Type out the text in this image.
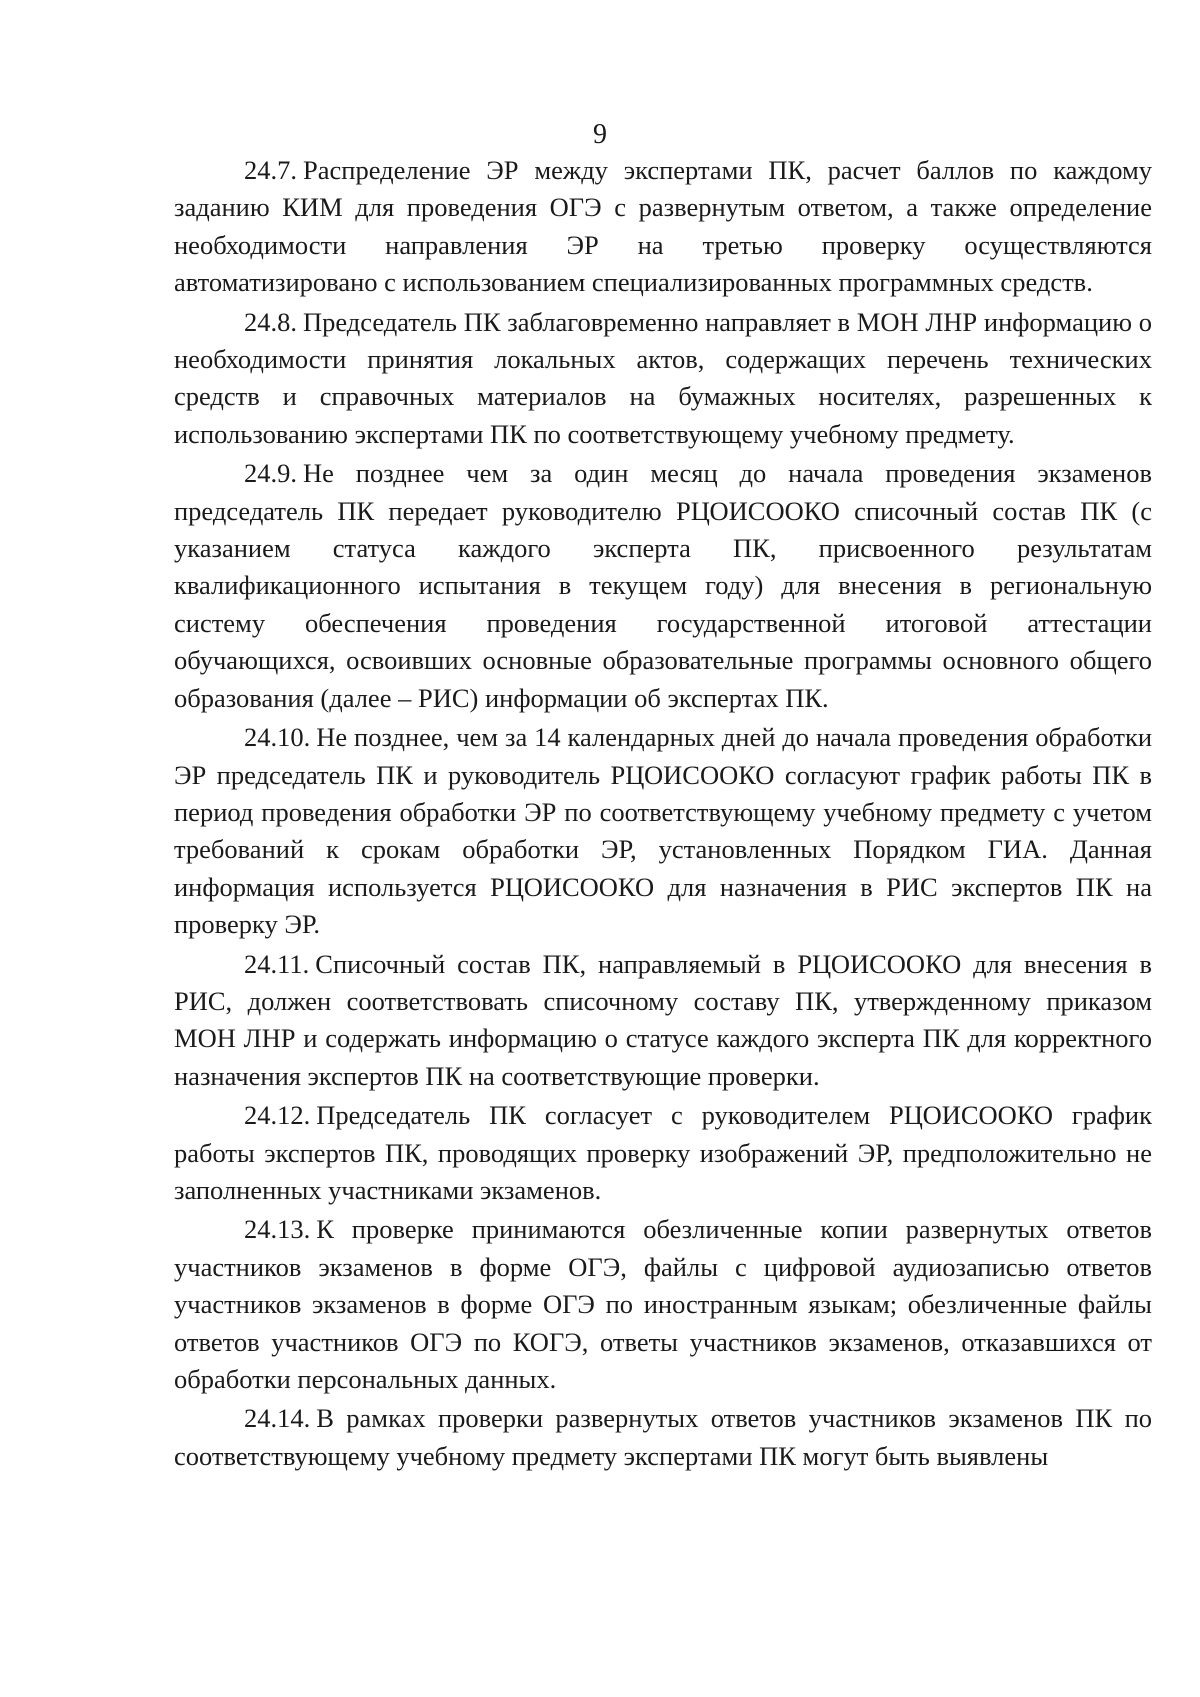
9

24.7. Распределение ЭР между экспертами ПК, расчет баллов по каждому заданию КИМ для проведения ОГЭ с развернутым ответом, а также определение необходимости направления ЭР на третью проверку осуществляются автоматизировано с использованием специализированных программных средств.

24.8. Председатель ПК заблаговременно направляет в МОН ЛНР информацию о необходимости принятия локальных актов, содержащих перечень технических средств и справочных материалов на бумажных носителях, разрешенных к использованию экспертами ПК по соответствующему учебному предмету.

24.9. Не позднее чем за один месяц до начала проведения экзаменов председатель ПК передает руководителю РЦОИСООКО списочный состав ПК (с указанием статуса каждого эксперта ПК, присвоенного результатам квалификационного испытания в текущем году) для внесения в региональную систему обеспечения проведения государственной итоговой аттестации обучающихся, освоивших основные образовательные программы основного общего образования (далее – РИС) информации об экспертах ПК.

24.10. Не позднее, чем за 14 календарных дней до начала проведения обработки ЭР председатель ПК и руководитель РЦОИСООКО согласуют график работы ПК в период проведения обработки ЭР по соответствующему учебному предмету с учетом требований к срокам обработки ЭР, установленных Порядком ГИА. Данная информация используется РЦОИСООКО для назначения в РИС экспертов ПК на проверку ЭР.

24.11. Списочный состав ПК, направляемый в РЦОИСООКО для внесения в РИС, должен соответствовать списочному составу ПК, утвержденному приказом МОН ЛНР и содержать информацию о статусе каждого эксперта ПК для корректного назначения экспертов ПК на соответствующие проверки.

24.12. Председатель ПК согласует с руководителем РЦОИСООКО график работы экспертов ПК, проводящих проверку изображений ЭР, предположительно не заполненных участниками экзаменов.

24.13. К проверке принимаются обезличенные копии развернутых ответов участников экзаменов в форме ОГЭ, файлы с цифровой аудиозаписью ответов участников экзаменов в форме ОГЭ по иностранным языкам; обезличенные файлы ответов участников ОГЭ по КОГЭ, ответы участников экзаменов, отказавшихся от обработки персональных данных.

24.14. В рамках проверки развернутых ответов участников экзаменов ПК по соответствующему учебному предмету экспертами ПК могут быть выявлены
